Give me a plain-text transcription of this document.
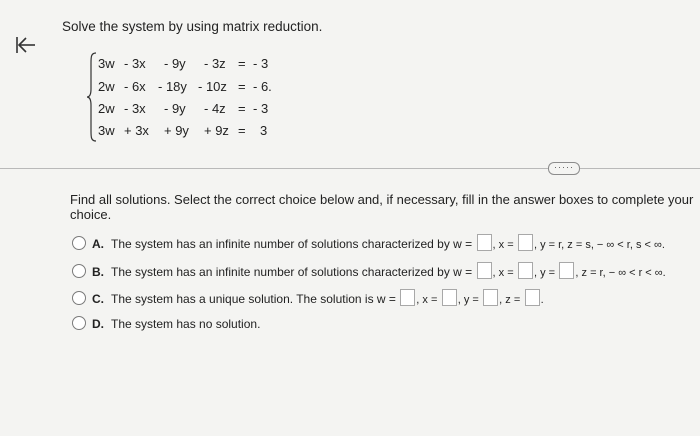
Solve the system by using matrix reduction.
3w - 3x - 9y - 3z = - 3
2w - 6x - 18y - 10z = - 6.
2w - 3x - 9y - 4z = - 3
3w + 3x + 9y + 9z = 3
·····
Find all solutions. Select the correct choice below and, if necessary, fill in the answer boxes to complete your choice.
A. The system has an infinite number of solutions characterized by w = , x = , y = r, z = s, − ∞ < r, s < ∞.
B. The system has an infinite number of solutions characterized by w = , x = , y = , z = r, − ∞ < r < ∞.
C. The system has a unique solution. The solution is w = , x = , y = , z = .
D. The system has no solution.
